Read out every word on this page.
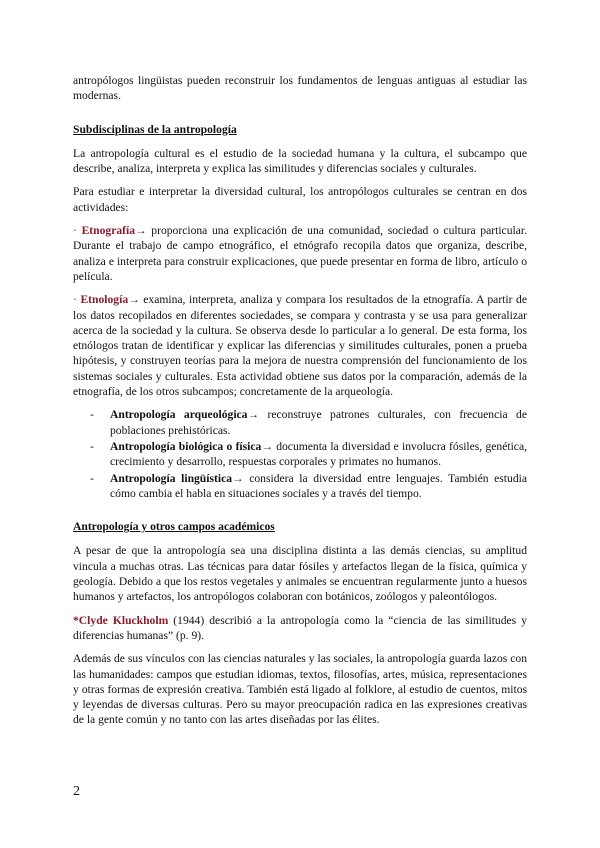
antropólogos lingüistas pueden reconstruir los fundamentos de lenguas antiguas al estudiar las modernas.

Subdisciplinas de la antropología

La antropología cultural es el estudio de la sociedad humana y la cultura, el subcampo que describe, analiza, interpreta y explica las similitudes y diferencias sociales y culturales.

Para estudiar e interpretar la diversidad cultural, los antropólogos culturales se centran en dos actividades:

· Etnografía→ proporciona una explicación de una comunidad, sociedad o cultura particular. Durante el trabajo de campo etnográfico, el etnógrafo recopila datos que organiza, describe, analiza e interpreta para construir explicaciones, que puede presentar en forma de libro, artículo o película.

· Etnología→ examina, interpreta, analiza y compara los resultados de la etnografía. A partir de los datos recopilados en diferentes sociedades, se compara y contrasta y se usa para generalizar acerca de la sociedad y la cultura. Se observa desde lo particular a lo general. De esta forma, los etnólogos tratan de identificar y explicar las diferencias y similitudes culturales, ponen a prueba hipótesis, y construyen teorías para la mejora de nuestra comprensión del funcionamiento de los sistemas sociales y culturales. Esta actividad obtiene sus datos por la comparación, además de la etnografía, de los otros subcampos; concretamente de la arqueología.

- Antropología arqueológica→ reconstruye patrones culturales, con frecuencia de poblaciones prehistóricas.
- Antropología biológica o física→ documenta la diversidad e involucra fósiles, genética, crecimiento y desarrollo, respuestas corporales y primates no humanos.
- Antropología lingüística→ considera la diversidad entre lenguajes. También estudia cómo cambia el habla en situaciones sociales y a través del tiempo.

Antropología y otros campos académicos

A pesar de que la antropología sea una disciplina distinta a las demás ciencias, su amplitud vincula a muchas otras. Las técnicas para datar fósiles y artefactos llegan de la física, química y geología. Debido a que los restos vegetales y animales se encuentran regularmente junto a huesos humanos y artefactos, los antropólogos colaboran con botánicos, zoólogos y paleontólogos.

*Clyde Kluckholm (1944) describió a la antropología como la “ciencia de las similitudes y diferencias humanas” (p. 9).

Además de sus vínculos con las ciencias naturales y las sociales, la antropología guarda lazos con las humanidades: campos que estudian idiomas, textos, filosofías, artes, música, representaciones y otras formas de expresión creativa. También está ligado al folklore, al estudio de cuentos, mitos y leyendas de diversas culturas. Pero su mayor preocupación radica en las expresiones creativas de la gente común y no tanto con las artes diseñadas por las élites.

2
